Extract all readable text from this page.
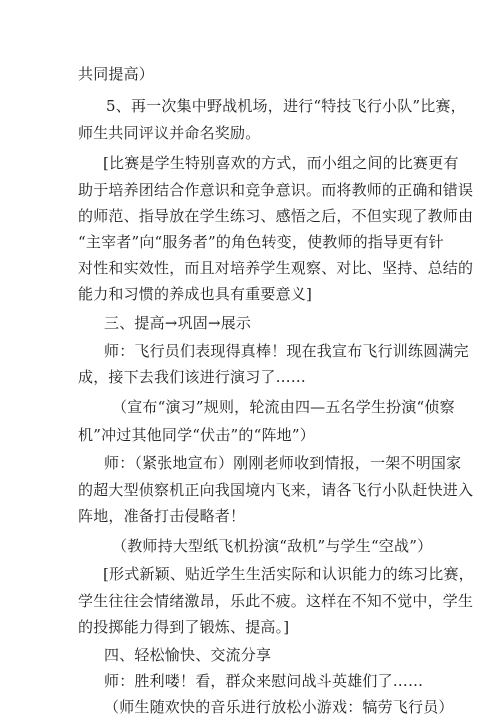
共同提高）
5、再一次集中野战机场，进行“特技飞行小队”比赛，
师生共同评议并命名奖励。
[比赛是学生特别喜欢的方式，而小组之间的比赛更有
助于培养团结合作意识和竞争意识。而将教师的正确和错误
的师范、指导放在学生练习、感悟之后，不但实现了教师由
“主宰者”向“服务者”的角色转变，使教师的指导更有针
对性和实效性，而且对培养学生观察、对比、坚持、总结的
能力和习惯的养成也具有重要意义]
三、提高→巩固→展示
师：飞行员们表现得真棒！现在我宣布飞行训练圆满完
成，接下去我们该进行演习了……
（宣布“演习”规则，轮流由四—五名学生扮演“侦察
机”冲过其他同学“伏击”的“阵地”）
师：（紧张地宣布）刚刚老师收到情报，一架不明国家
的超大型侦察机正向我国境内飞来，请各飞行小队赶快进入
阵地，准备打击侵略者！
（教师持大型纸飞机扮演“敌机”与学生“空战”）
[形式新颖、贴近学生生活实际和认识能力的练习比赛，
学生往往会情绪激昂，乐此不疲。这样在不知不觉中，学生
的投掷能力得到了锻炼、提高。]
四、轻松愉快、交流分享
师：胜利喽！看，群众来慰问战斗英雄们了……
（师生随欢快的音乐进行放松小游戏：犒劳飞行员）
